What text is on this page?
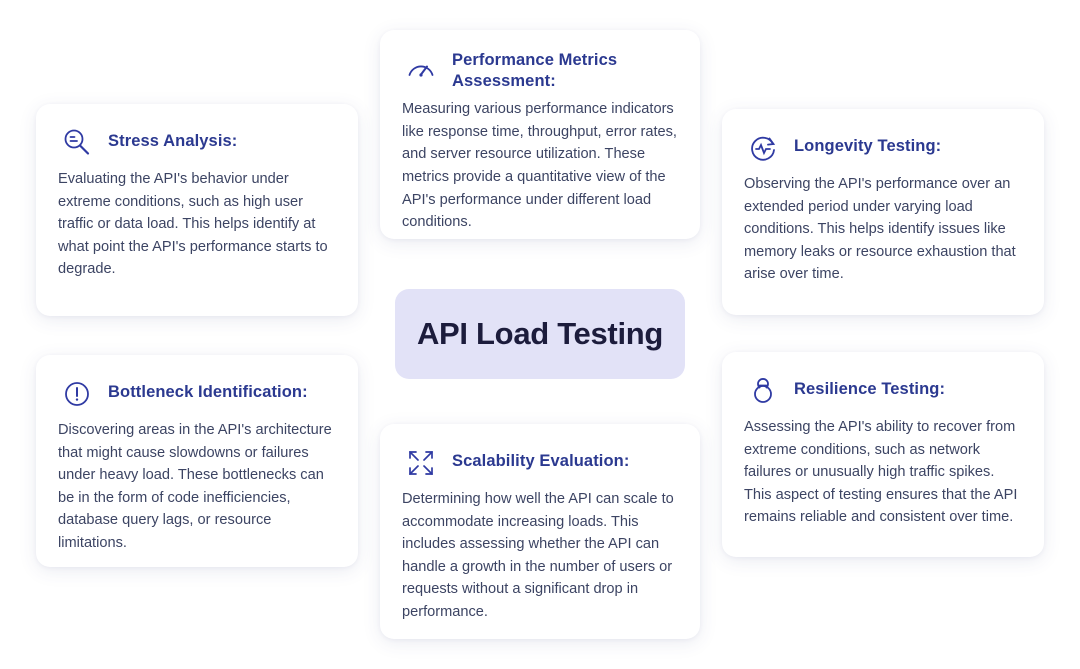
Stress Analysis:
Evaluating the API's behavior under extreme conditions, such as high user traffic or data load. This helps identify at what point the API's performance starts to degrade.
Bottleneck Identification:
Discovering areas in the API's architecture that might cause slowdowns or failures under heavy load. These bottlenecks can be in the form of code inefficiencies, database query lags, or resource limitations.
Performance Metrics Assessment:
Measuring various performance indicators like response time, throughput, error rates, and server resource utilization. These metrics provide a quantitative view of the API's performance under different load conditions.
Scalability Evaluation:
Determining how well the API can scale to accommodate increasing loads. This includes assessing whether the API can handle a growth in the number of users or requests without a significant drop in performance.
Longevity Testing:
Observing the API's performance over an extended period under varying load conditions. This helps identify issues like memory leaks or resource exhaustion that arise over time.
Resilience Testing:
Assessing the API's ability to recover from extreme conditions, such as network failures or unusually high traffic spikes. This aspect of testing ensures that the API remains reliable and consistent over time.
API Load Testing
